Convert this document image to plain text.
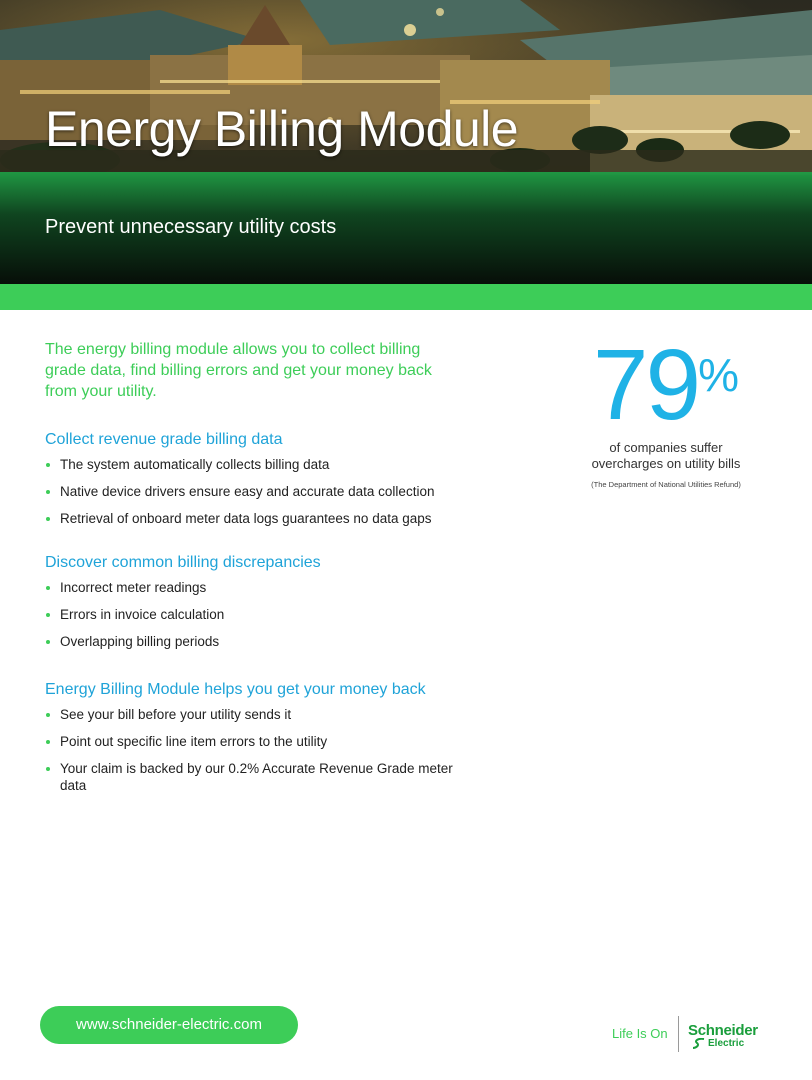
Energy Billing Module

Prevent unnecessary utility costs

The energy billing module allows you to collect billing grade data, find billing errors and get your money back from your utility.

Collect revenue grade billing data
The system automatically collects billing data
Native device drivers ensure easy and accurate data collection
Retrieval of onboard meter data logs guarantees no data gaps
Discover common billing discrepancies
Incorrect meter readings
Errors in invoice calculation
Overlapping billing periods
Energy Billing Module helps you get your money back
See your bill before your utility sends it
Point out specific line item errors to the utility
Your claim is backed by our 0.2% Accurate Revenue Grade meter data
79%

of companies suffer

overcharges on utility bills

(The Department of National Utilities Refund)

www.schneider-electric.com
Life Is On Schneider
Electric
